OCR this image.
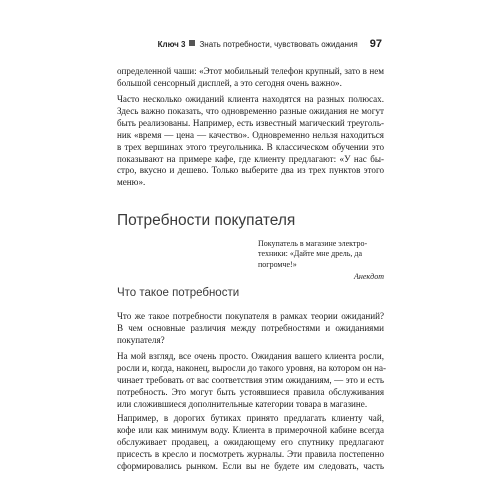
Ключ 3 Знать потребности, чувствовать ожидания 97
определенной чаши: «Этот мобильный телефон крупный, зато в нем
большой сенсорный дисплей, а это сегодня очень важно».
Часто несколько ожиданий клиента находятся на разных полюсах.
Здесь важно показать, что одновременно разные ожидания не могут
быть реализованы. Например, есть известный магический треуголь-
ник «время — цена — качество». Одновременно нельзя находиться
в трех вершинах этого треугольника. В классическом обучении это
показывают на примере кафе, где клиенту предлагают: «У нас бы-
стро, вкусно и дешево. Только выберите два из трех пунктов этого
меню».
Потребности покупателя
Покупатель в магазине электро-
техники: «Дайте мне дрель, да
погромче!»
Анекдот
Что такое потребности
Что же такое потребности покупателя в рамках теории ожиданий?
В чем основные различия между потребностями и ожиданиями
покупателя?
На мой взгляд, все очень просто. Ожидания вашего клиента росли,
росли и, когда, наконец, выросли до такого уровня, на котором он на-
чинает требовать от вас соответствия этим ожиданиям, — это и есть
потребность. Это могут быть устоявшиеся правила обслуживания
или сложившиеся дополнительные категории товара в магазине.
Например, в дорогих бутиках принято предлагать клиенту чай,
кофе или как минимум воду. Клиента в примерочной кабине всегда
обслуживает продавец, а ожидающему его спутнику предлагают
присесть в кресло и посмотреть журналы. Эти правила постепенно
сформировались рынком. Если вы не будете им следовать, часть
